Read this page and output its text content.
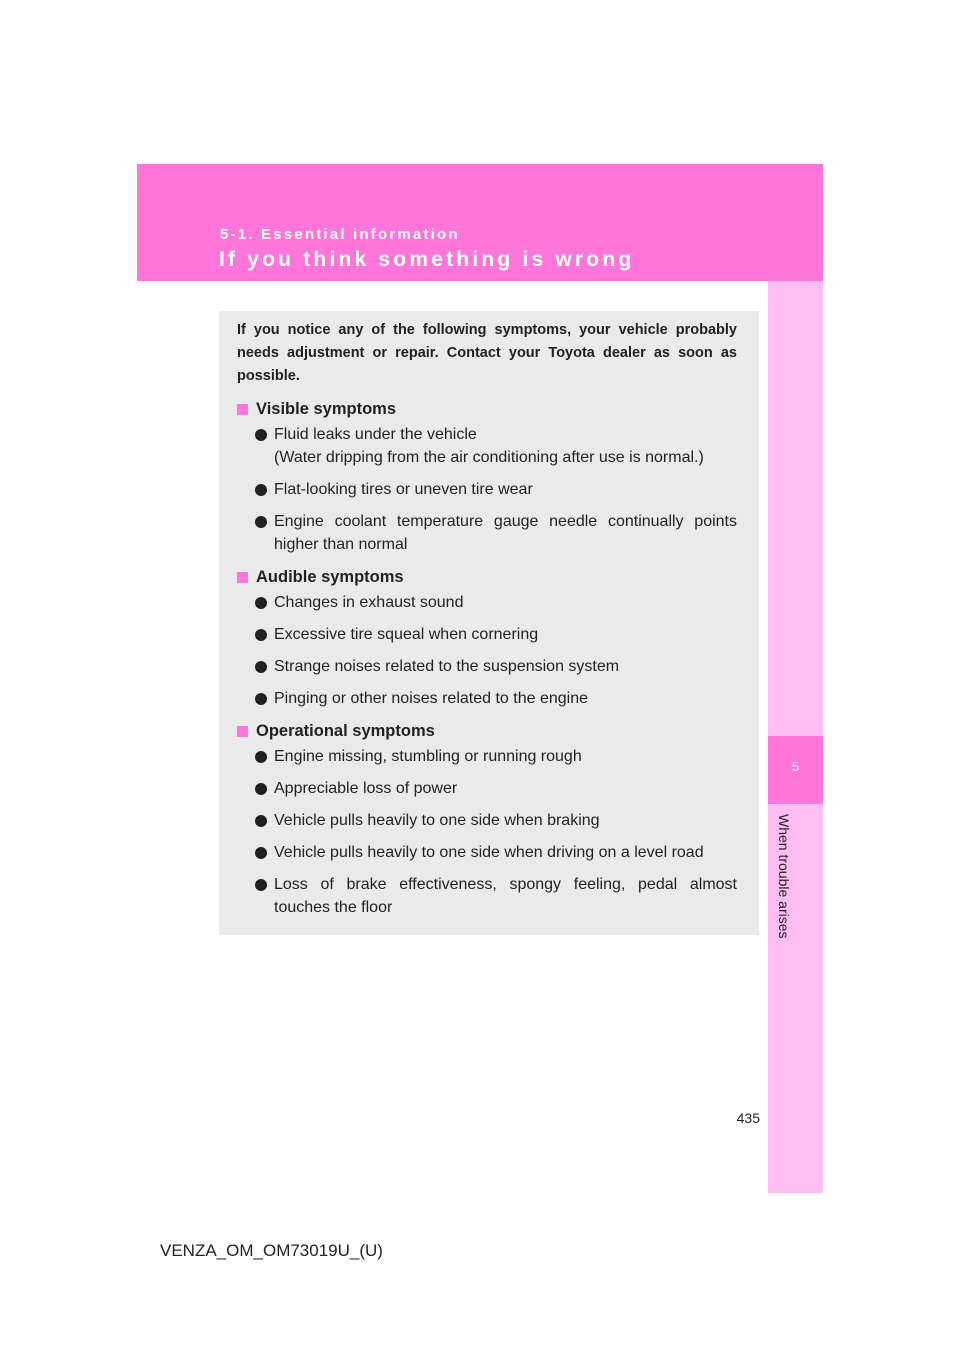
5-1. Essential information
If you think something is wrong
5
When trouble arises

If you notice any of the following symptoms, your vehicle probably needs adjustment or repair. Contact your Toyota dealer as soon as possible.

Visible symptoms
Fluid leaks under the vehicle
(Water dripping from the air conditioning after use is normal.)
Flat-looking tires or uneven tire wear
Engine coolant temperature gauge needle continually points higher than normal
Audible symptoms
Changes in exhaust sound
Excessive tire squeal when cornering
Strange noises related to the suspension system
Pinging or other noises related to the engine
Operational symptoms
Engine missing, stumbling or running rough
Appreciable loss of power
Vehicle pulls heavily to one side when braking
Vehicle pulls heavily to one side when driving on a level road
Loss of brake effectiveness, spongy feeling, pedal almost touches the floor
435
VENZA_OM_OM73019U_(U)
